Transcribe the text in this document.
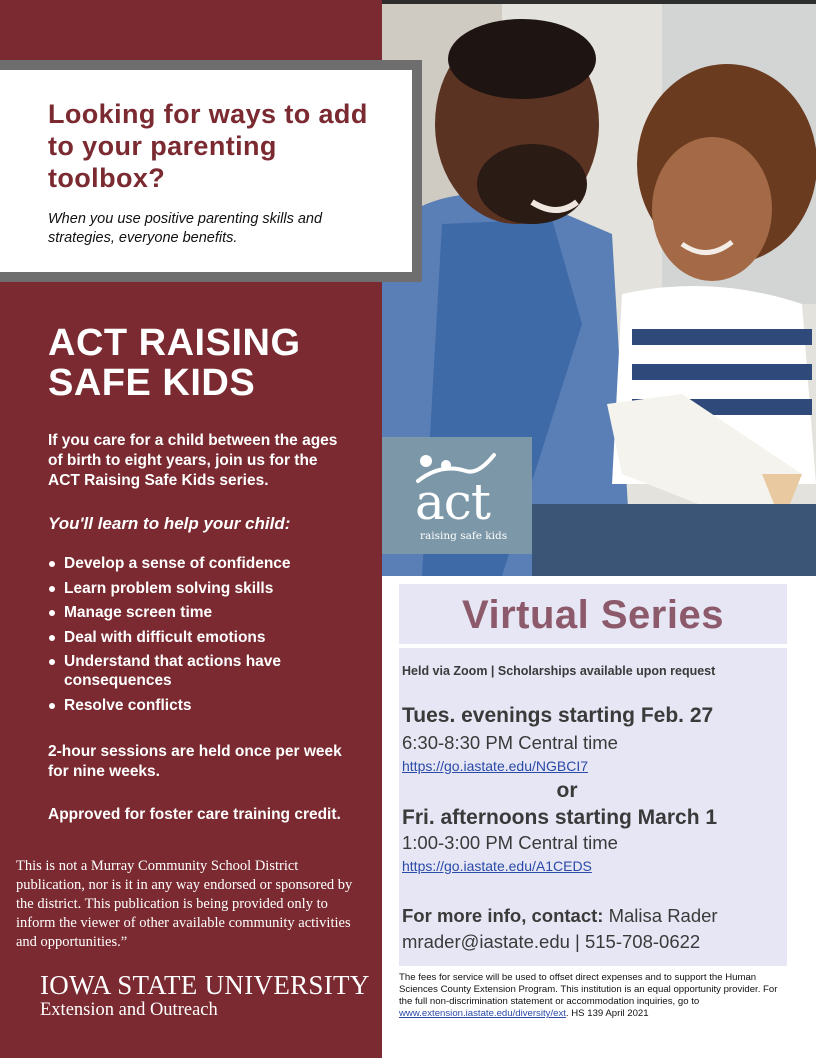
Looking for ways to add to your parenting toolbox?

When you use positive parenting skills and strategies, everyone benefits.

act
raising safe kids
ACT RAISING SAFE KIDS

If you care for a child between the ages of birth to eight years, join us for the ACT Raising Safe Kids series.

You'll learn to help your child:

Develop a sense of confidence
Learn problem solving skills
Manage screen time
Deal with difficult emotions
Understand that actions have consequences
Resolve conflicts

2-hour sessions are held once per week for nine weeks.

Approved for foster care training credit.

This is not a Murray Community School District publication, nor is it in any way endorsed or sponsored by the district. This publication is being provided only to inform the viewer of other available community activities and opportunities.”

IOWA STATE UNIVERSITY
Extension and Outreach
Virtual Series
Held via Zoom | Scholarships available upon request
Tues. evenings starting Feb. 27
6:30-8:30 PM Central time
https://go.iastate.edu/NGBCI7
or
Fri. afternoons starting March 1
1:00-3:00 PM Central time
https://go.iastate.edu/A1CEDS
For more info, contact: Malisa Rader
mrader@iastate.edu | 515-708-0622

The fees for service will be used to offset direct expenses and to support the Human Sciences County Extension Program. This institution is an equal opportunity provider. For the full non-discrimination statement or accommodation inquiries, go to www.extension.iastate.edu/diversity/ext. HS 139 April 2021
